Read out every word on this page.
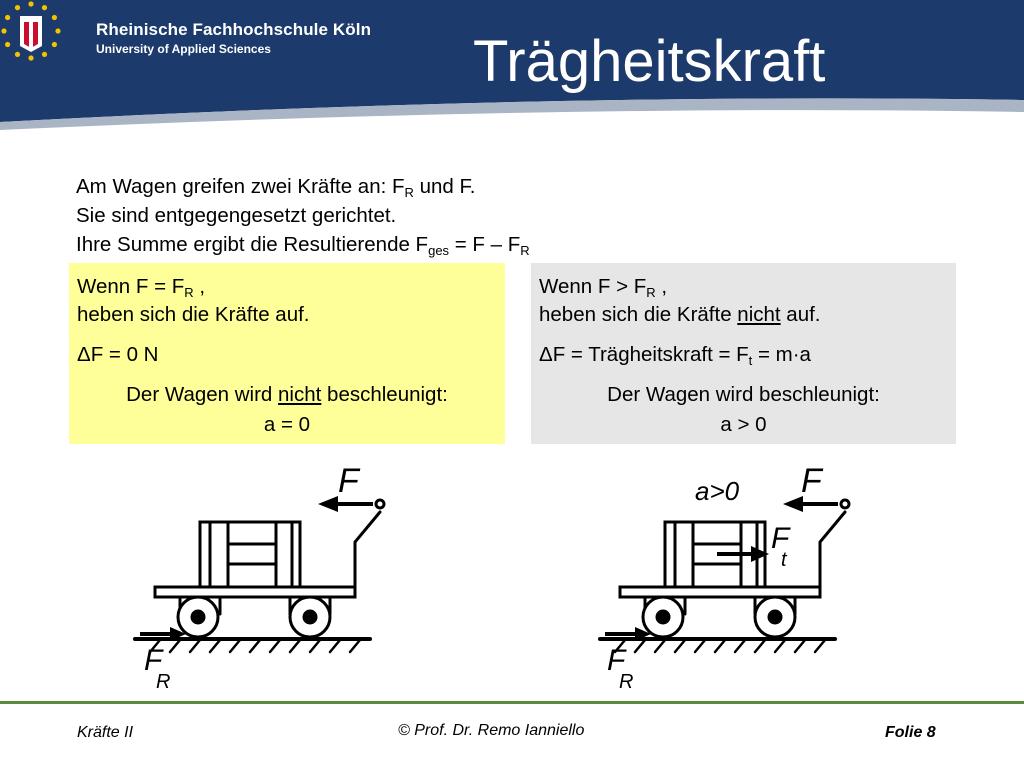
Rheinische Fachhochschule Köln
University of Applied Sciences	Trägheitskraft
Am Wagen greifen zwei Kräfte an: $F_R$ und F.
Sie sind entgegengesetzt gerichtet.
Ihre Summe ergibt die Resultierende $F_{ges} = F - F_R$
Wenn $F = F_R$ ,
heben sich die Kräfte auf.
ΔF = 0 N
Der Wagen wird nicht beschleunigt:
a = 0
Wenn $F > F_R$ ,
heben sich die Kräfte nicht auf.
ΔF = Trägheitskraft = $F_t = m\cdot a$
Der Wagen wird beschleunigt:
a > 0
F
F
R
a>0 F
F
t
F
R
Kräfte II	© Prof. Dr. Remo Ianniello	Folie 8
